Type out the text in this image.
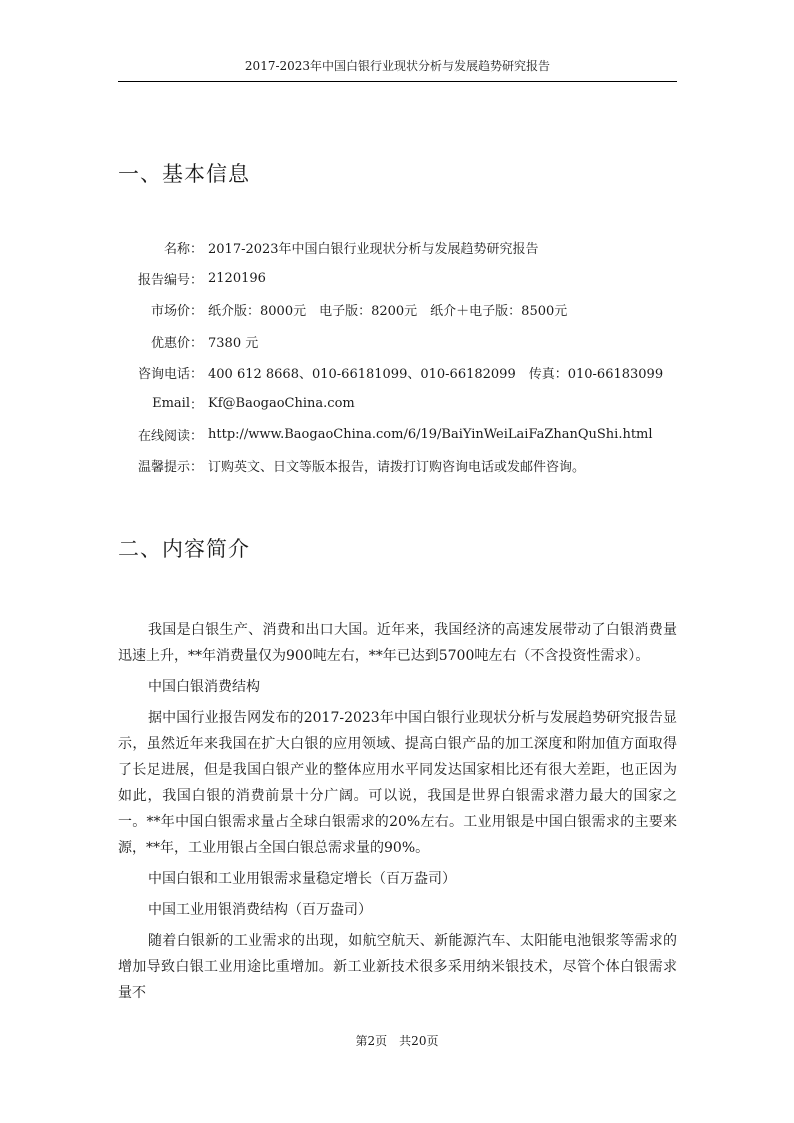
2017-2023年中国白银行业现状分析与发展趋势研究报告
一、基本信息
名称 ： 2017-2023年中国白银行业现状分析与发展趋势研究报告
报告编号 ： 2120196
市场价 ： 纸介版：8000元　电子版：8200元　纸介＋电子版：8500元
优惠价 ： 7380 元
咨询电话 ： 400 612 8668、010-66181099、010-66182099　传真：010-66183099
Email ： Kf@BaogaoChina.com
在线阅读 ： http://www.BaogaoChina.com/6/19/BaiYinWeiLaiFaZhanQuShi.html
温馨提示 ： 订购英文、日文等版本报告，请拨打订购咨询电话或发邮件咨询。
二、内容简介

我国是白银生产、消费和出口大国。近年来，我国经济的高速发展带动了白银消费量迅速上升，**年消费量仅为900吨左右，**年已达到5700吨左右（不含投资性需求）。

中国白银消费结构

据中国行业报告网发布的2017-2023年中国白银行业现状分析与发展趋势研究报告显示，虽然近年来我国在扩大白银的应用领域、提高白银产品的加工深度和附加值方面取得了长足进展，但是我国白银产业的整体应用水平同发达国家相比还有很大差距，也正因为如此，我国白银的消费前景十分广阔。可以说，我国是世界白银需求潜力最大的国家之一。**年中国白银需求量占全球白银需求的20%左右。工业用银是中国白银需求的主要来源，**年，工业用银占全国白银总需求量的90%。

中国白银和工业用银需求量稳定增长（百万盎司）

中国工业用银消费结构（百万盎司）

随着白银新的工业需求的出现，如航空航天、新能源汽车、太阳能电池银浆等需求的增加导致白银工业用途比重增加。新工业新技术很多采用纳米银技术，尽管个体白银需求量不

第2页　共20页
